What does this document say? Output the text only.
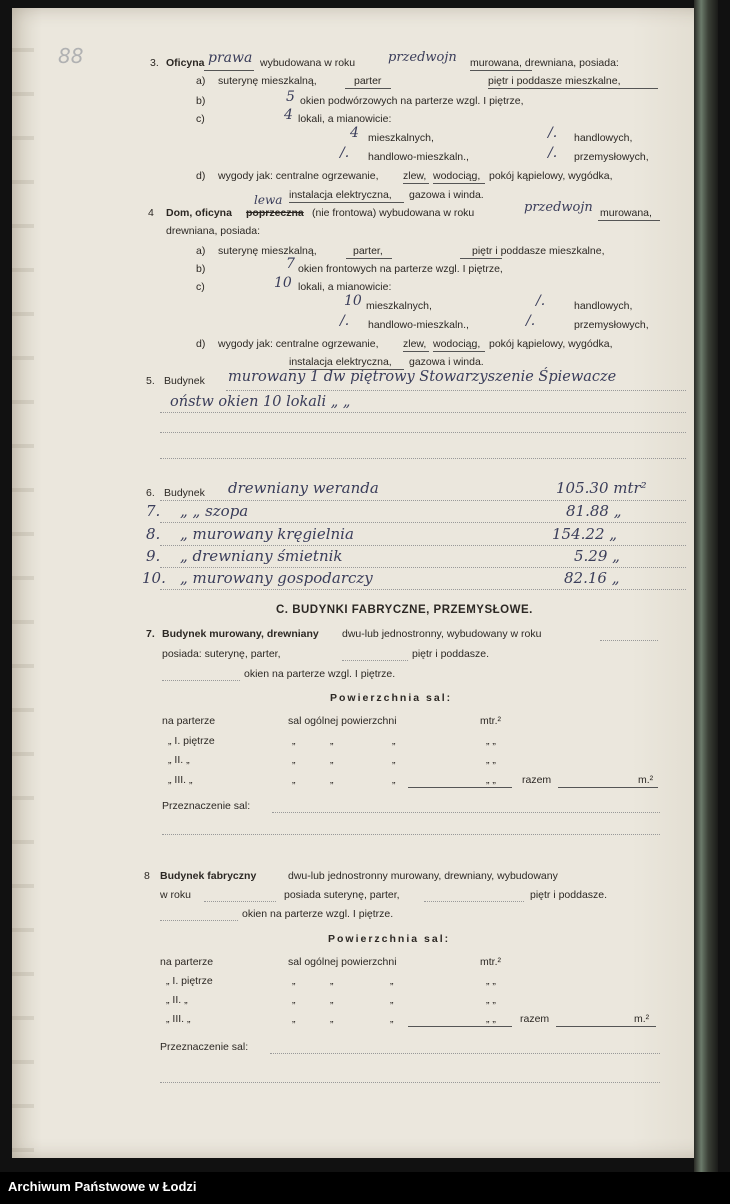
88	3. Oficyna prawa wybudowana w roku	przedwojn murowana, drewniana, posiada:
a) suterynę mieszkalną,	parter	piętr i poddasze mieszkalne,
b)	5 okien podwórzowych na parterze wzgl. I piętrze,
c)	4 lokali, a mianowicie:
4 mieszkalnych,	/. handlowych,
/. handlowo-mieszkaln.,	/. przemysłowych,
d) wygody jak: centralne ogrzewanie, zlew, wodociąg, pokój kąpielowy, wygódka,
instalacja elektryczna, gazowa i winda.
4 Dom, oficyna
lewa
poprzeczna (nie frontowa) wybudowana w roku	przedwojn murowana,
drewniana, posiada:
a) suterynę mieszkalną,	parter,	piętr i poddasze mieszkalne,
b)	7 okien frontowych na parterze wzgl. I piętrze,
c)	10 lokali, a mianowicie:
10 mieszkalnych,	/.	handlowych,
/. handlowo-mieszkaln.,	/.	przemysłowych,
d) wygody jak: centralne ogrzewanie, zlew, wodociąg, pokój kąpielowy, wygódka,
instalacja elektryczna, gazowa i winda.
5. Budynek murowany 1 dw piętrowy Stowarzyszenie Śpiewacze
oństw okien 10 lokali „ „
6. Budynek drewniany weranda	105.30 mtr²
7. „ „ szopa	81.88 „
8. „ murowany kręgielnia	154.22 „
9. „ drewniany śmietnik	5.29 „
10. „ murowany gospodarczy	82.16 „
C. BUDYNKI FABRYCZNE, PRZEMYSŁOWE.
7. Budynek murowany, drewniany dwu-lub jednostronny, wybudowany w roku
posiada: suterynę, parter,	piętr i poddasze.
okien na parterze wzgl. I piętrze.
Powierzchnia sal:
na parterze	sal ogólnej powierzchni	mtr.²
„ I. piętrze	„	„	„	„ „
„ II. „	„	„	„	„ „
„ III. „	„	„	„	„ „ razem	m.²
Przeznaczenie sal:
8 Budynek fabryczny	dwu-lub jednostronny murowany, drewniany, wybudowany
w roku	posiada suterynę, parter,	piętr i poddasze.
okien na parterze wzgl. I piętrze.
Powierzchnia sal:
na parterze	sal ogólnej powierzchni	mtr.²
„ I. piętrze	„	„	„	„ „
„ II. „	„	„	„	„ „
„ III. „	„	„	„	„ „ razem	m.²
Przeznaczenie sal:
Archiwum Państwowe w Łodzi
